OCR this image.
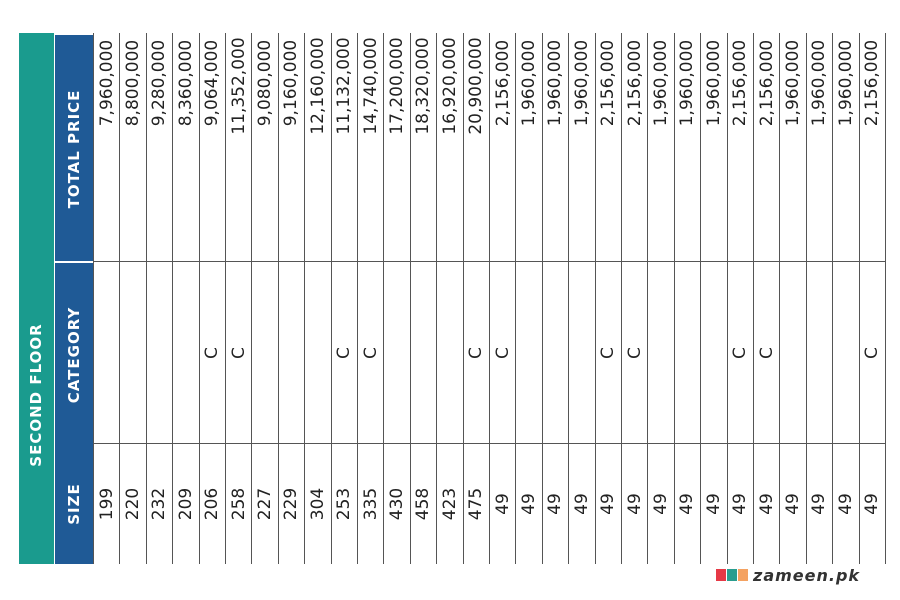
SECOND FLOOR
SIZE
CATEGORY
TOTAL PRICE
7,960,000
199
8,800,000
220
9,280,000
232
8,360,000
209
9,064,000
C
206
11,352,000
C
258
9,080,000
227
9,160,000
229
12,160,000
304
11,132,000
C
253
14,740,000
C
335
17,200,000
430
18,320,000
458
16,920,000
423
20,900,000
C
475
2,156,000
C
49
1,960,000
49
1,960,000
49
1,960,000
49
2,156,000
C
49
2,156,000
C
49
1,960,000
49
1,960,000
49
1,960,000
49
2,156,000
C
49
2,156,000
C
49
1,960,000
49
1,960,000
49
1,960,000
49
2,156,000
C
49
zameen.pk
